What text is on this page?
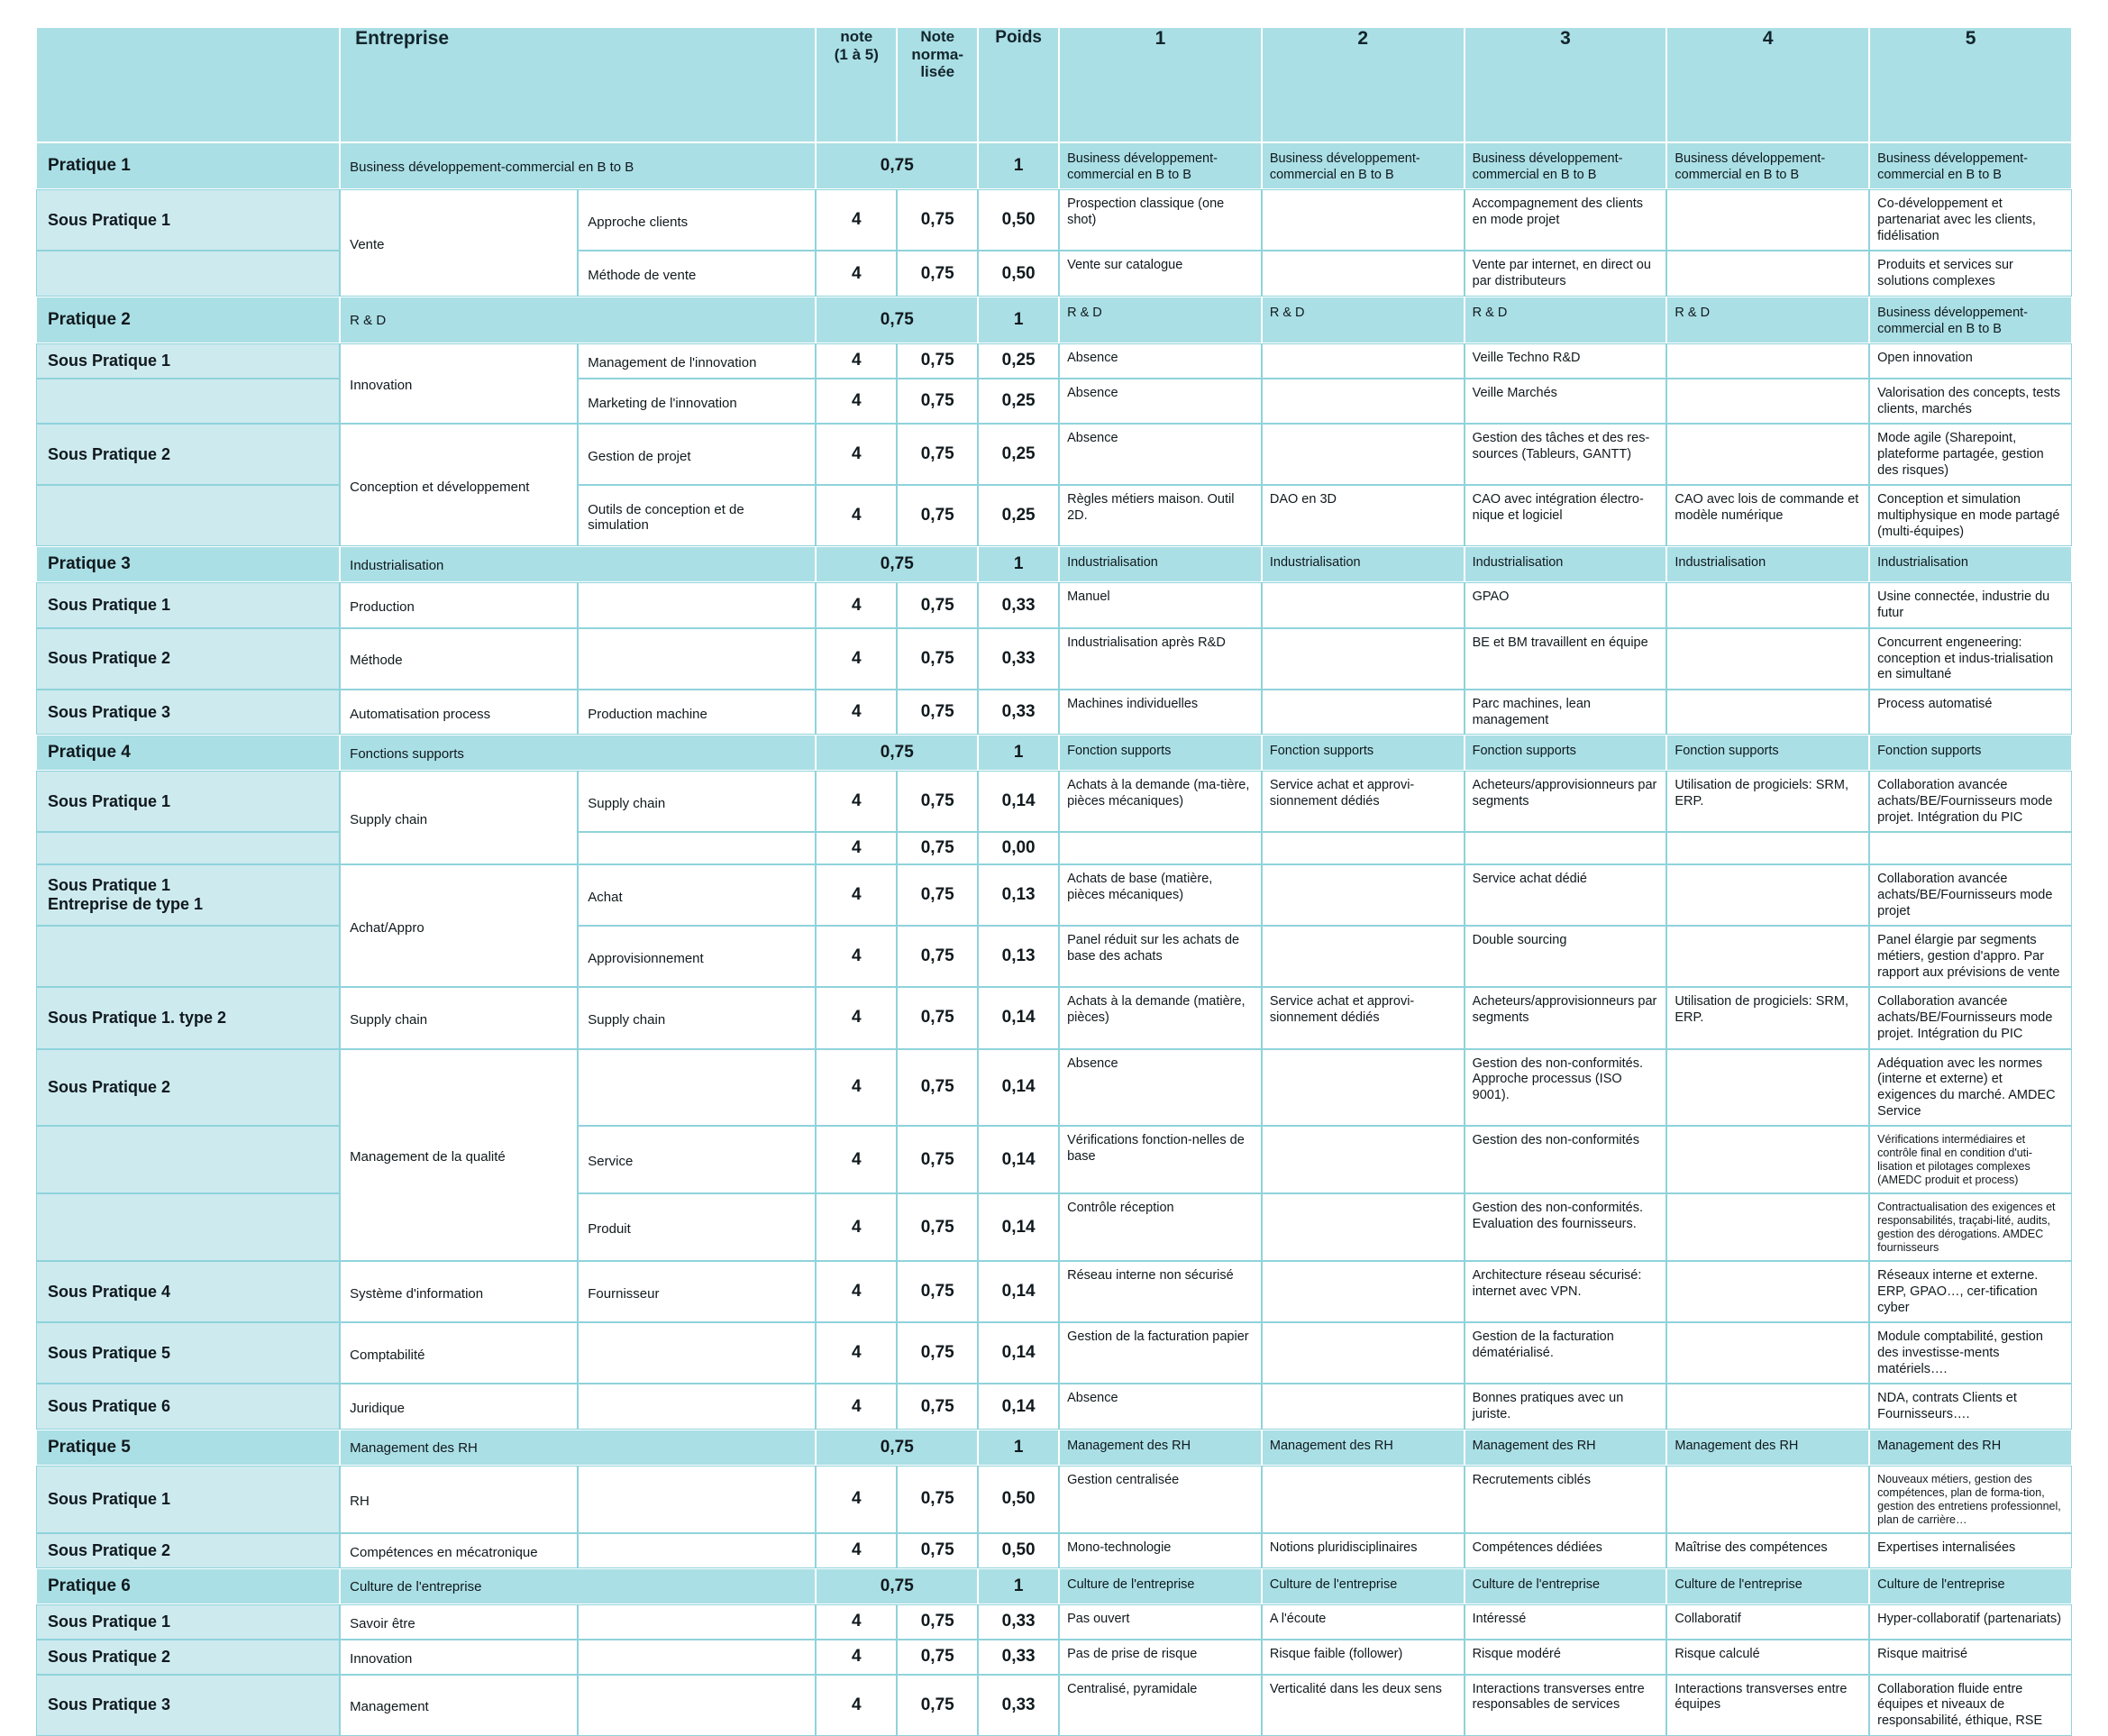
	Entreprise	note
(1 à 5)

Note
norma-
lisée
	Poids	1	2	3	4	5
Pratique 1	Business développement-commercial en B to B		0,75		1	Business développement-commercial en B to B	Business développement-commercial en B to B	Business développement-commercial en B to B	Business développement-commercial en B to B	Business développement-commercial en B to B
Sous Pratique 1	Vente	Approche clients	4	0,75	0,50	Prospection classique (one shot)		Accompagnement des clients en mode projet		Co-développement et partenariat avec les clients, fidélisation
		Méthode de vente	4	0,75	0,50	Vente sur catalogue		Vente par internet, en direct ou par distributeurs		Produits et services sur solutions complexes
Pratique 2	R & D		0,75		1	R & D	R & D	R & D	R & D	Business développement-commercial en B to B
Sous Pratique 1	Innovation	Management de l'innovation	4	0,75	0,25	Absence		Veille Techno R&D		Open innovation
		Marketing de l'innovation	4	0,75	0,25	Absence		Veille Marchés		Valorisation des concepts, tests clients, marchés
Sous Pratique 2	Conception et développement	Gestion de projet	4	0,75	0,25	Absence		Gestion des tâches et des res-sources (Tableurs, GANTT)		Mode agile (Sharepoint, plateforme partagée, gestion des risques)
		Outils de conception et de simulation	4	0,75	0,25	Règles métiers maison. Outil 2D.	DAO en 3D	CAO avec intégration électro-nique et logiciel	CAO avec lois de commande et modèle numérique	Conception et simulation multiphysique en mode partagé (multi-équipes)
Pratique 3	Industrialisation		0,75		1	Industrialisation	Industrialisation	Industrialisation	Industrialisation	Industrialisation
Sous Pratique 1	Production		4	0,75	0,33	Manuel		GPAO		Usine connectée, industrie du futur
Sous Pratique 2	Méthode		4	0,75	0,33	Industrialisation après R&D		BE et BM travaillent en équipe		Concurrent engeneering: conception et indus-trialisation en simultané
Sous Pratique 3	Automatisation process	Production machine	4	0,75	0,33	Machines individuelles		Parc machines, lean management		Process automatisé
Pratique 4	Fonctions supports		0,75		1	Fonction supports	Fonction supports	Fonction supports	Fonction supports	Fonction supports
Sous Pratique 1	Supply chain	Supply chain	4	0,75	0,14	Achats à la demande (ma-tière, pièces mécaniques)	Service achat et approvi-sionnement dédiés	Acheteurs/approvisionneurs par segments	Utilisation de progiciels: SRM, ERP.	Collaboration avancée achats/BE/Fournisseurs mode projet. Intégration du PIC
			4	0,75	0,00					

Sous Pratique 1
Entreprise de type 1	Achat/Appro	Achat	4	0,75	0,13	Achats de base (matière, pièces mécaniques)		Service achat dédié		Collaboration avancée achats/BE/Fournisseurs mode projet
		Approvisionnement	4	0,75	0,13	Panel réduit sur les achats de base des achats		Double sourcing		Panel élargie par segments métiers, gestion d'appro. Par rapport aux prévisions de vente
Sous Pratique 1. type 2	Supply chain	Supply chain	4	0,75	0,14	Achats à la demande (matière, pièces)	Service achat et approvi-sionnement dédiés	Acheteurs/approvisionneurs par segments	Utilisation de progiciels: SRM, ERP.	Collaboration avancée achats/BE/Fournisseurs mode projet. Intégration du PIC
Sous Pratique 2	Management de la qualité		4	0,75	0,14	Absence		Gestion des non-conformités. Approche processus (ISO 9001).		Adéquation avec les normes (interne et externe) et exigences du marché. AMDEC Service
		Service	4	0,75	0,14	Vérifications fonction-nelles de base		Gestion des non-conformités		Vérifications intermédiaires et contrôle final en condition d'uti-lisation et pilotages complexes (AMEDC produit et process)
		Produit	4	0,75	0,14	Contrôle réception		Gestion des non-conformités. Evaluation des fournisseurs.		Contractualisation des exigences et responsabilités, traçabi-lité, audits, gestion des dérogations. AMDEC fournisseurs
Sous Pratique 4	Système d'information	Fournisseur	4	0,75	0,14	Réseau interne non sécurisé		Architecture réseau sécurisé: internet avec VPN.		Réseaux interne et externe. ERP, GPAO…, cer-tification cyber
Sous Pratique 5	Comptabilité		4	0,75	0,14	Gestion de la facturation papier		Gestion de la facturation dématérialisé.		Module comptabilité, gestion des investisse-ments matériels….
Sous Pratique 6	Juridique		4	0,75	0,14	Absence		Bonnes pratiques avec un juriste.		NDA, contrats Clients et Fournisseurs….
Pratique 5	Management des RH		0,75		1	Management des RH	Management des RH	Management des RH	Management des RH	Management des RH
Sous Pratique 1	RH		4	0,75	0,50	Gestion centralisée		Recrutements ciblés		Nouveaux métiers, gestion des compétences, plan de forma-tion, gestion des entretiens professionnel, plan de carrière…
Sous Pratique 2	Compétences en mécatronique		4	0,75	0,50	Mono-technologie	Notions pluridisciplinaires	Compétences dédiées	Maîtrise des compétences	Expertises internalisées
Pratique 6	Culture de l'entreprise		0,75		1	Culture de l'entreprise	Culture de l'entreprise	Culture de l'entreprise	Culture de l'entreprise	Culture de l'entreprise
Sous Pratique 1	Savoir être		4	0,75	0,33	Pas ouvert	A l'écoute	Intéressé	Collaboratif	Hyper-collaboratif (partenariats)
Sous Pratique 2	Innovation		4	0,75	0,33	Pas de prise de risque	Risque faible (follower)	Risque modéré	Risque calculé	Risque maitrisé
Sous Pratique 3	Management		4	0,75	0,33	Centralisé, pyramidale	Verticalité dans les deux sens	Interactions transverses entre responsables de services	Interactions transverses entre équipes	Collaboration fluide entre équipes et niveaux de responsabilité, éthique, RSE
